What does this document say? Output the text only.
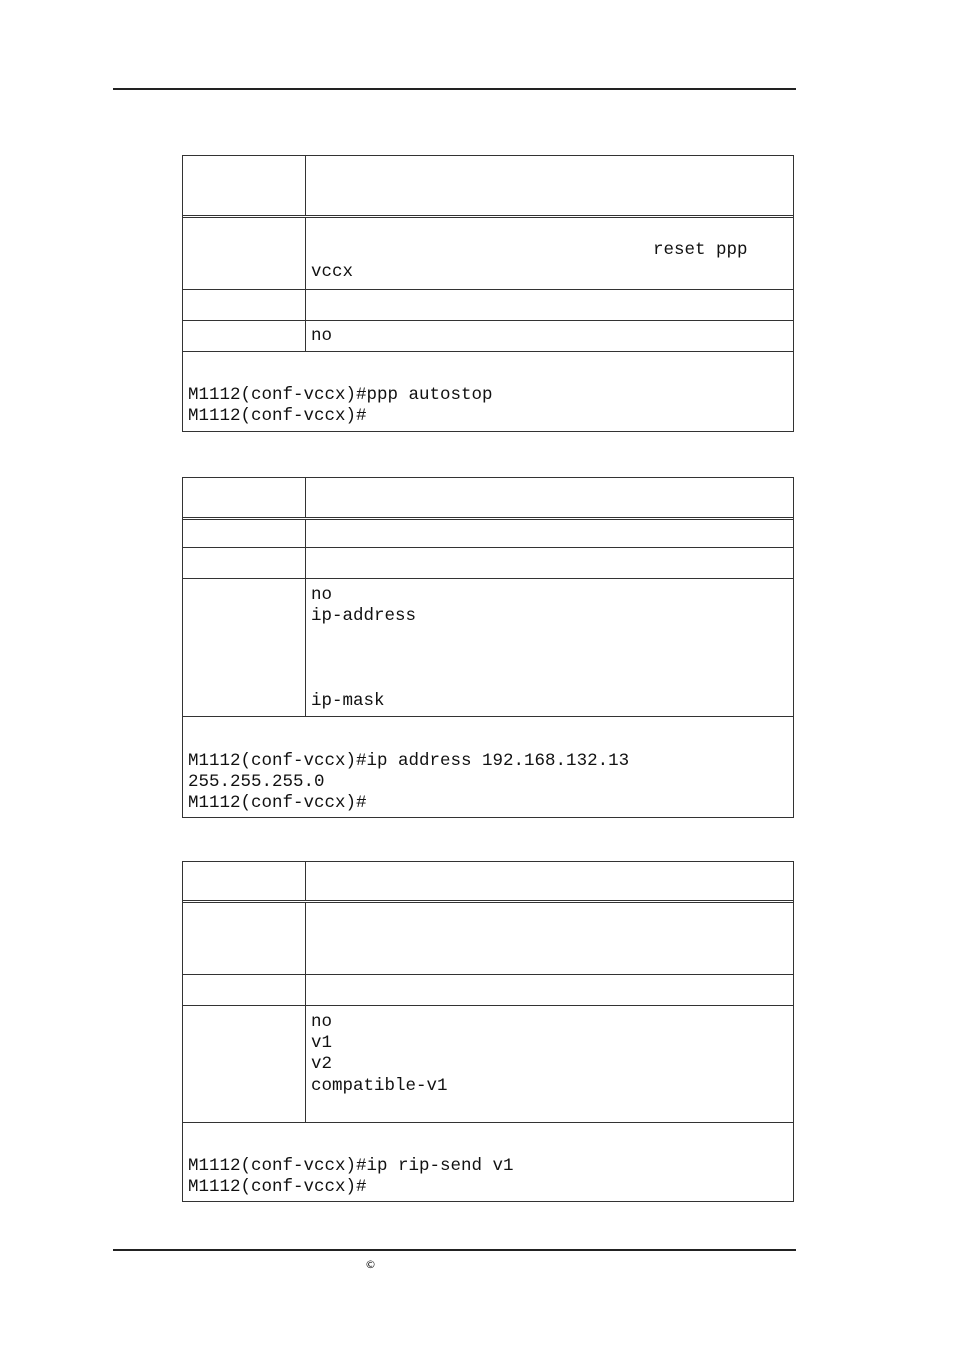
reset ppp
vccx
no
M1112(conf-vccx)#ppp autostop
M1112(conf-vccx)#
no
ip-address
ip-mask
M1112(conf-vccx)#ip address 192.168.132.13
255.255.255.0
M1112(conf-vccx)#
no
v1
v2
compatible-v1
M1112(conf-vccx)#ip rip-send v1
M1112(conf-vccx)#
©
